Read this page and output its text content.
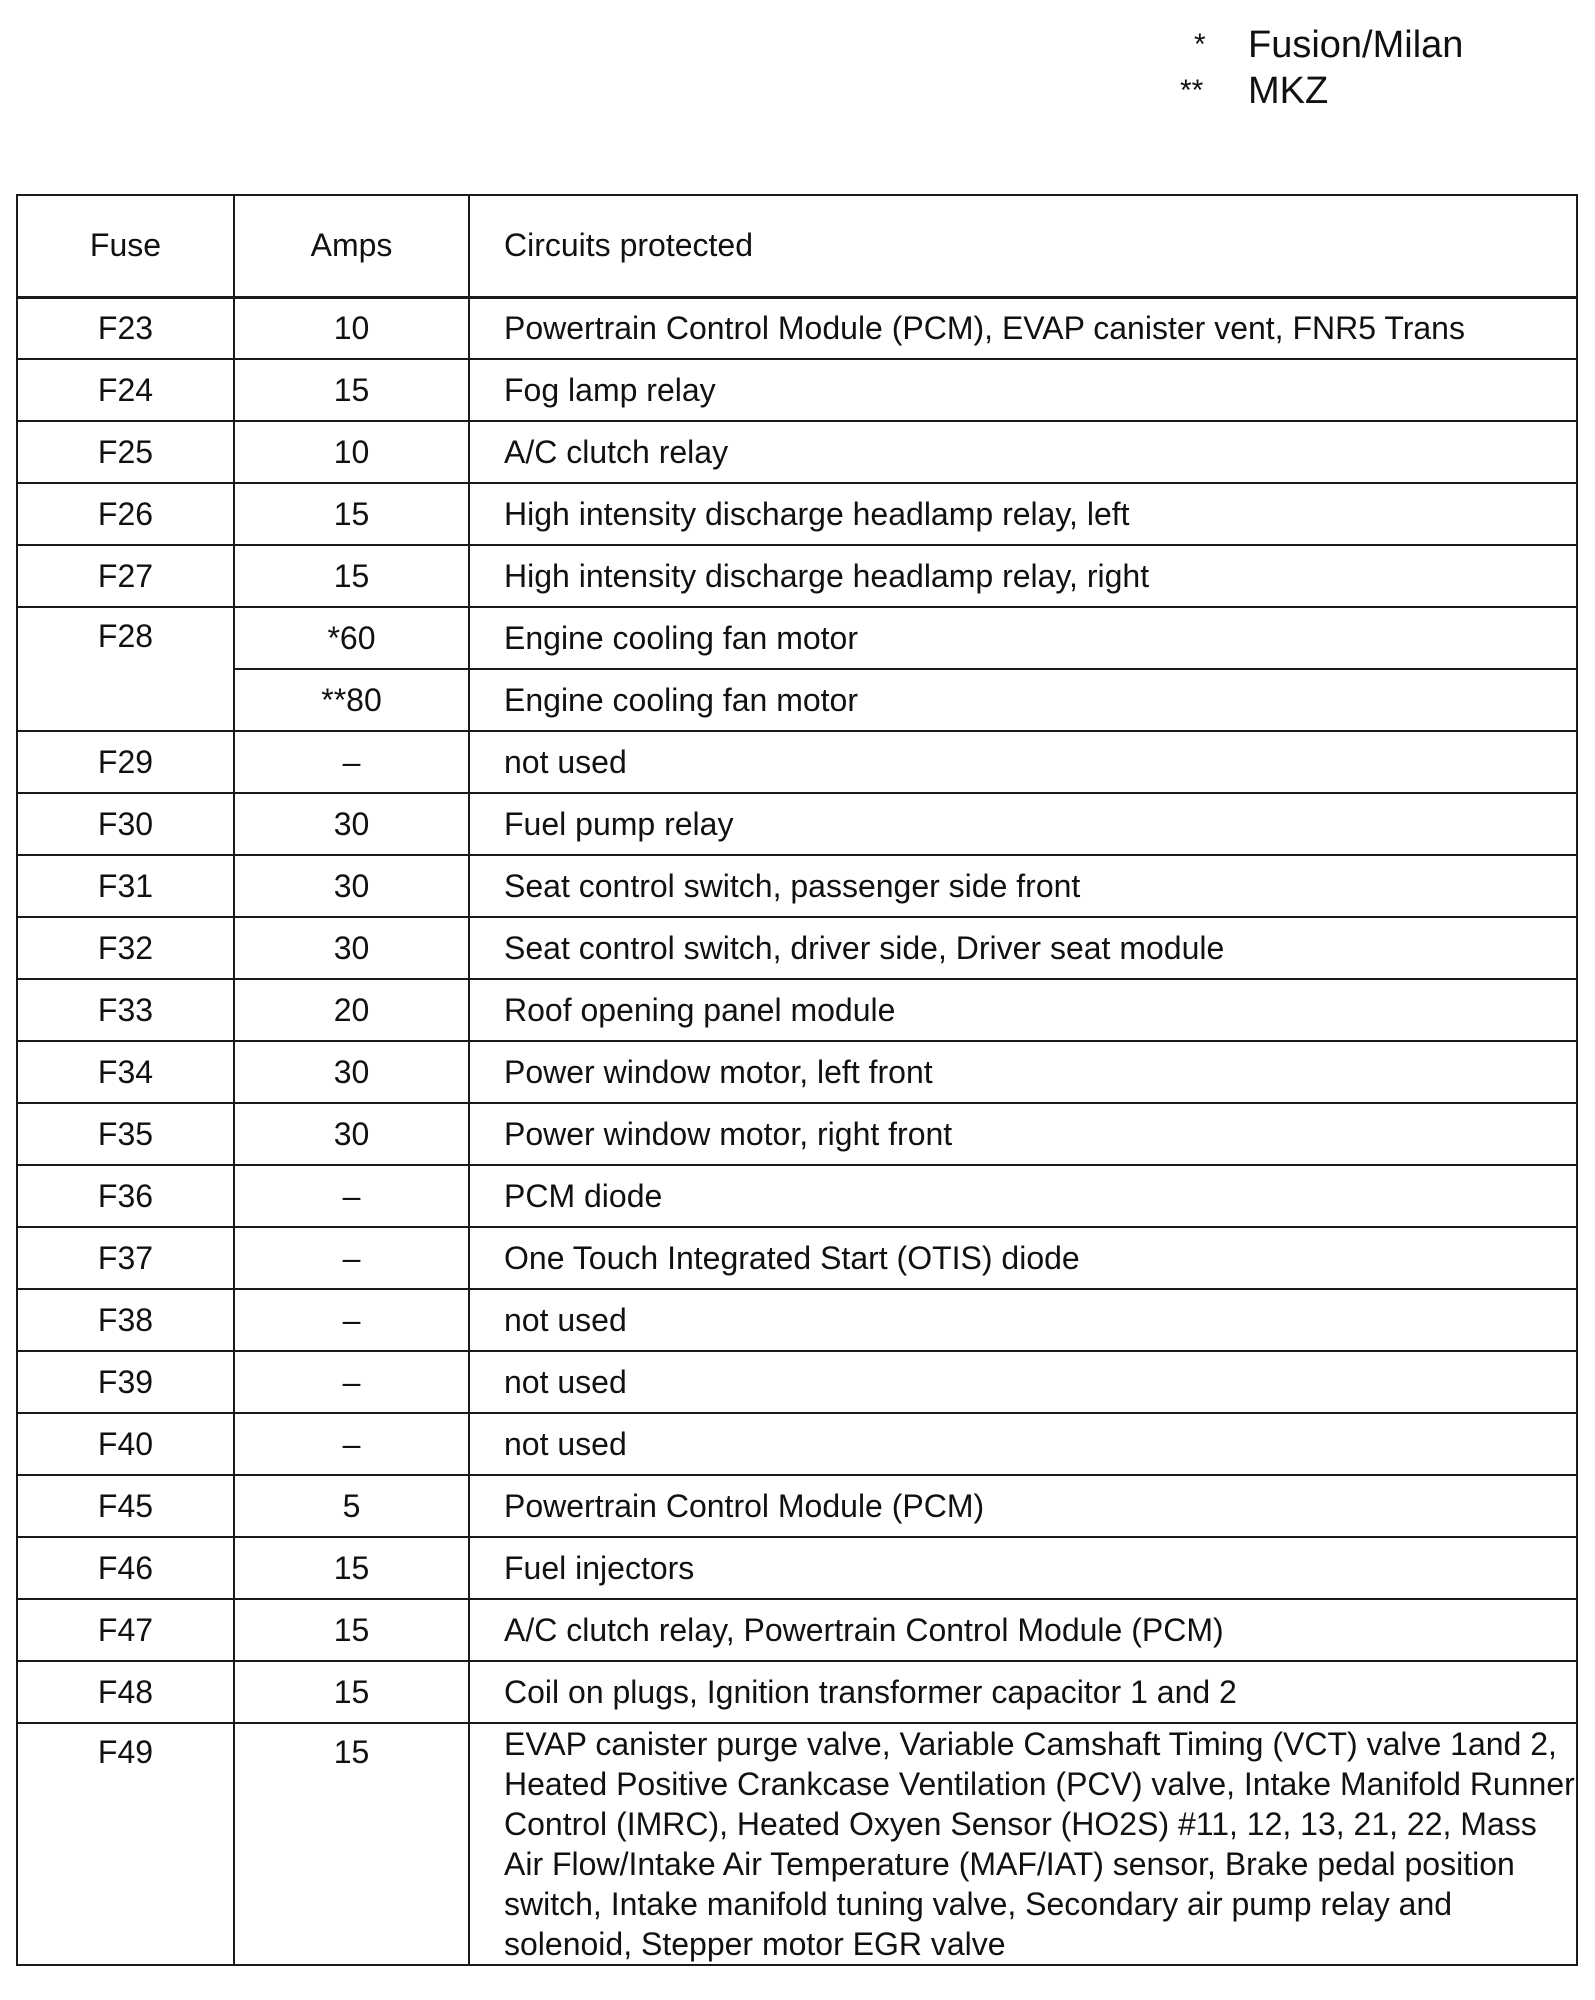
*	Fusion/Milan
**	MKZ
Fuse	Amps	Circuits protected
F23	10	Powertrain Control Module (PCM), EVAP canister vent, FNR5 Trans
F24	15	Fog lamp relay
F25	10	A/C clutch relay
F26	15	High intensity discharge headlamp relay, left
F27	15	High intensity discharge headlamp relay, right
F28	*60	Engine cooling fan motor
	**80	Engine cooling fan motor
F29	–	not used
F30	30	Fuel pump relay
F31	30	Seat control switch, passenger side front
F32	30	Seat control switch, driver side, Driver seat module
F33	20	Roof opening panel module
F34	30	Power window motor, left front
F35	30	Power window motor, right front
F36	–	PCM diode
F37	–	One Touch Integrated Start (OTIS) diode
F38	–	not used
F39	–	not used
F40	–	not used
F45	5	Powertrain Control Module (PCM)
F46	15	Fuel injectors
F47	15	A/C clutch relay, Powertrain Control Module (PCM)
F48	15	Coil on plugs, Ignition transformer capacitor 1 and 2
F49	15	EVAP canister purge valve, Variable Camshaft Timing (VCT) valve 1and 2, Heated Positive Crankcase Ventilation (PCV) valve, Intake Manifold Runner Control (IMRC), Heated Oxyen Sensor (HO2S) #11, 12, 13, 21, 22, Mass Air Flow/Intake Air Temperature (MAF/IAT) sensor, Brake pedal position switch, Intake manifold tuning valve, Secondary air pump relay and solenoid, Stepper motor EGR valve
